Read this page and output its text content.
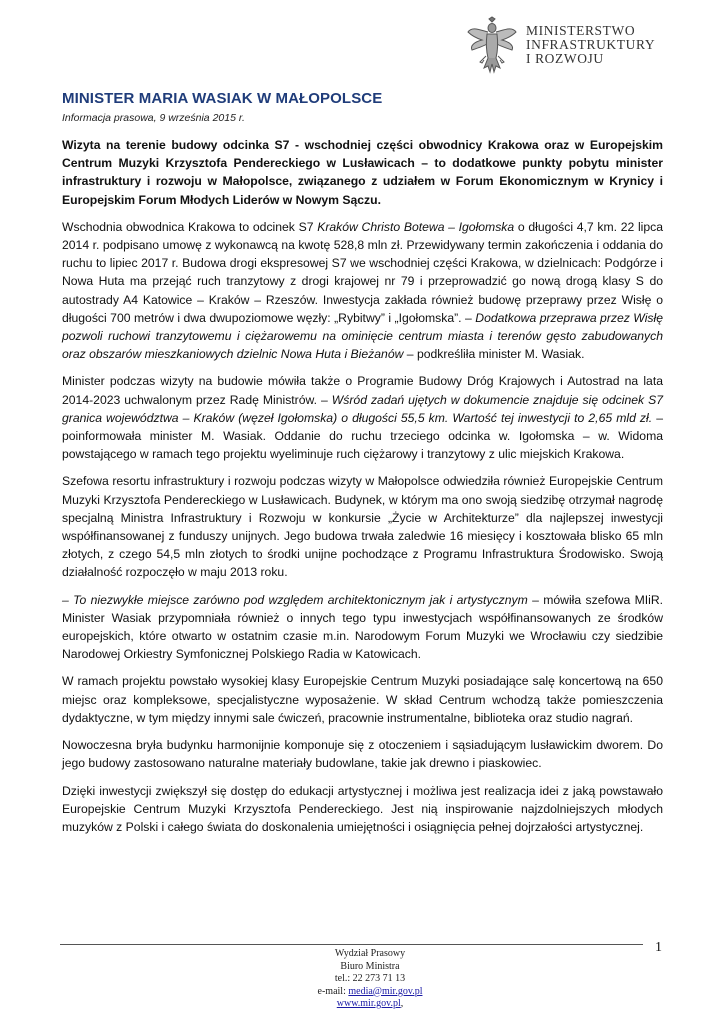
MINISTERSTWO
INFRASTRUKTURY
I ROZWOJU
MINISTER MARIA WASIAK W MAŁOPOLSCE
Informacja prasowa, 9 września 2015 r.

Wizyta na terenie budowy odcinka S7 - wschodniej części obwodnicy Krakowa oraz w Europejskim Centrum Muzyki Krzysztofa Pendereckiego w Lusławicach – to dodatkowe punkty pobytu minister infrastruktury i rozwoju w Małopolsce, związanego z udziałem w Forum Ekonomicznym w Krynicy i Europejskim Forum Młodych Liderów w Nowym Sączu.

Wschodnia obwodnica Krakowa to odcinek S7 Kraków Christo Botewa – Igołomska o długości 4,7 km. 22 lipca 2014 r. podpisano umowę z wykonawcą na kwotę 528,8 mln zł. Przewidywany termin zakończenia i oddania do ruchu to lipiec 2017 r. Budowa drogi ekspresowej S7 we wschodniej części Krakowa, w dzielnicach: Podgórze i Nowa Huta ma przejąć ruch tranzytowy z drogi krajowej nr 79 i przeprowadzić go nową drogą klasy S do autostrady A4 Katowice – Kraków – Rzeszów. Inwestycja zakłada również budowę przeprawy przez Wisłę o długości 700 metrów i dwa dwupoziomowe węzły: „Rybitwy” i „Igołomska”. – Dodatkowa przeprawa przez Wisłę pozwoli ruchowi tranzytowemu i ciężarowemu na ominięcie centrum miasta i terenów gęsto zabudowanych oraz obszarów mieszkaniowych dzielnic Nowa Huta i Bieżanów – podkreśliła minister M. Wasiak.

Minister podczas wizyty na budowie mówiła także o Programie Budowy Dróg Krajowych i Autostrad na lata 2014-2023 uchwalonym przez Radę Ministrów. – Wśród zadań ujętych w dokumencie znajduje się odcinek S7 granica województwa – Kraków (węzeł Igołomska) o długości 55,5 km. Wartość tej inwestycji to 2,65 mld zł. – poinformowała minister M. Wasiak. Oddanie do ruchu trzeciego odcinka w. Igołomska – w. Widoma powstającego w ramach tego projektu wyeliminuje ruch ciężarowy i tranzytowy z ulic miejskich Krakowa.

Szefowa resortu infrastruktury i rozwoju podczas wizyty w Małopolsce odwiedziła również Europejskie Centrum Muzyki Krzysztofa Pendereckiego w Lusławicach. Budynek, w którym ma ono swoją siedzibę otrzymał nagrodę specjalną Ministra Infrastruktury i Rozwoju w konkursie „Życie w Architekturze” dla najlepszej inwestycji współfinansowanej z funduszy unijnych. Jego budowa trwała zaledwie 16 miesięcy i kosztowała blisko 65 mln złotych, z czego 54,5 mln złotych to środki unijne pochodzące z Programu Infrastruktura Środowisko. Swoją działalność rozpoczęło w maju 2013 roku.

– To niezwykłe miejsce zarówno pod względem architektonicznym jak i artystycznym – mówiła szefowa MIiR. Minister Wasiak przypomniała również o innych tego typu inwestycjach współfinansowanych ze środków europejskich, które otwarto w ostatnim czasie m.in. Narodowym Forum Muzyki we Wrocławiu czy siedzibie Narodowej Orkiestry Symfonicznej Polskiego Radia w Katowicach.

W ramach projektu powstało wysokiej klasy Europejskie Centrum Muzyki posiadające salę koncertową na 650 miejsc oraz kompleksowe, specjalistyczne wyposażenie. W skład Centrum wchodzą także pomieszczenia dydaktyczne, w tym między innymi sale ćwiczeń, pracownie instrumentalne, biblioteka oraz studio nagrań.

Nowoczesna bryła budynku harmonijnie komponuje się z otoczeniem i sąsiadującym lusławickim dworem. Do jego budowy zastosowano naturalne materiały budowlane, takie jak drewno i piaskowiec.

Dzięki inwestycji zwiększył się dostęp do edukacji artystycznej i możliwa jest realizacja idei z jaką powstawało Europejskie Centrum Muzyki Krzysztofa Pendereckiego. Jest nią inspirowanie najzdolniejszych młodych muzyków z Polski i całego świata do doskonalenia umiejętności i osiągnięcia pełnej dojrzałości artystycznej.

1
Wydział Prasowy
Biuro Ministra
tel.: 22 273 71 13
e-mail: media@mir.gov.pl
www.mir.gov.pl,
